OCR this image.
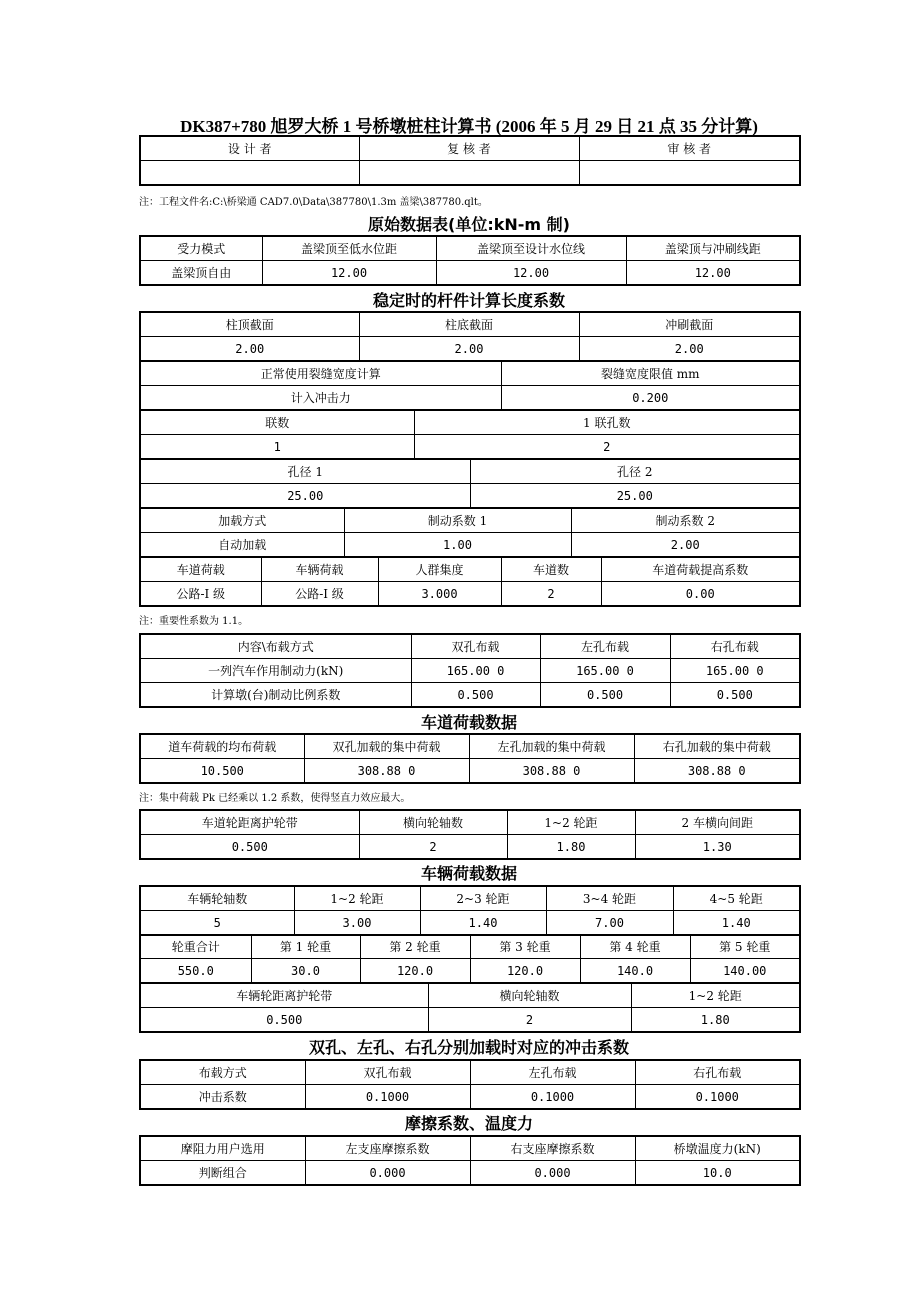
DK387+780 旭罗大桥 1 号桥墩桩柱计算书 (2006 年 5 月 29 日 21 点 35 分计算)
设 计 者	复 核 者	审 核 者

注：工程文件名:C:\桥梁通 CAD7.0\Data\387780\1.3m 盖梁\387780.qlt。
原始数据表(单位:kN-m 制)
受力模式	盖梁顶至低水位距	盖梁顶至设计水位线	盖梁顶与冲刷线距
盖梁顶自由	12.00	12.00	12.00
稳定时的杆件计算长度系数
柱顶截面	柱底截面	冲刷截面
2.00	2.00	2.00
正常使用裂缝宽度计算	裂缝宽度限值 mm
计入冲击力	0.200
联数	1 联孔数
1	2
孔径 1	孔径 2
25.00	25.00
加载方式	制动系数 1	制动系数 2
自动加载	1.00	2.00
车道荷载	车辆荷载	人群集度	车道数	车道荷载提高系数
公路-I 级	公路-I 级	3.000	2	0.00
注：重要性系数为 1.1。
内容\布载方式	双孔布载	左孔布载	右孔布载
一列汽车作用制动力(kN)	165.00 0	165.00 0	165.00 0
计算墩(台)制动比例系数	0.500	0.500	0.500
车道荷载数据
道车荷载的均布荷载	双孔加载的集中荷载	左孔加载的集中荷载	右孔加载的集中荷载
10.500	308.88 0	308.88 0	308.88 0
注：集中荷载 Pk 已经乘以 1.2 系数，使得竖直力效应最大。
车道轮距离护轮带	横向轮轴数	1~2 轮距	2 车横向间距
0.500	2	1.80	1.30
车辆荷载数据
车辆轮轴数	1~2 轮距	2~3 轮距	3~4 轮距	4~5 轮距
5	3.00	1.40	7.00	1.40
轮重合计	第 1 轮重	第 2 轮重	第 3 轮重	第 4 轮重	第 5 轮重
550.0	30.0	120.0	120.0	140.0	140.00
车辆轮距离护轮带	横向轮轴数	1~2 轮距
0.500	2	1.80
双孔、左孔、右孔分别加载时对应的冲击系数
布载方式	双孔布载	左孔布载	右孔布载
冲击系数	0.1000	0.1000	0.1000
摩擦系数、温度力
摩阻力用户选用	左支座摩擦系数	右支座摩擦系数	桥墩温度力(kN)
判断组合	0.000	0.000	10.0
